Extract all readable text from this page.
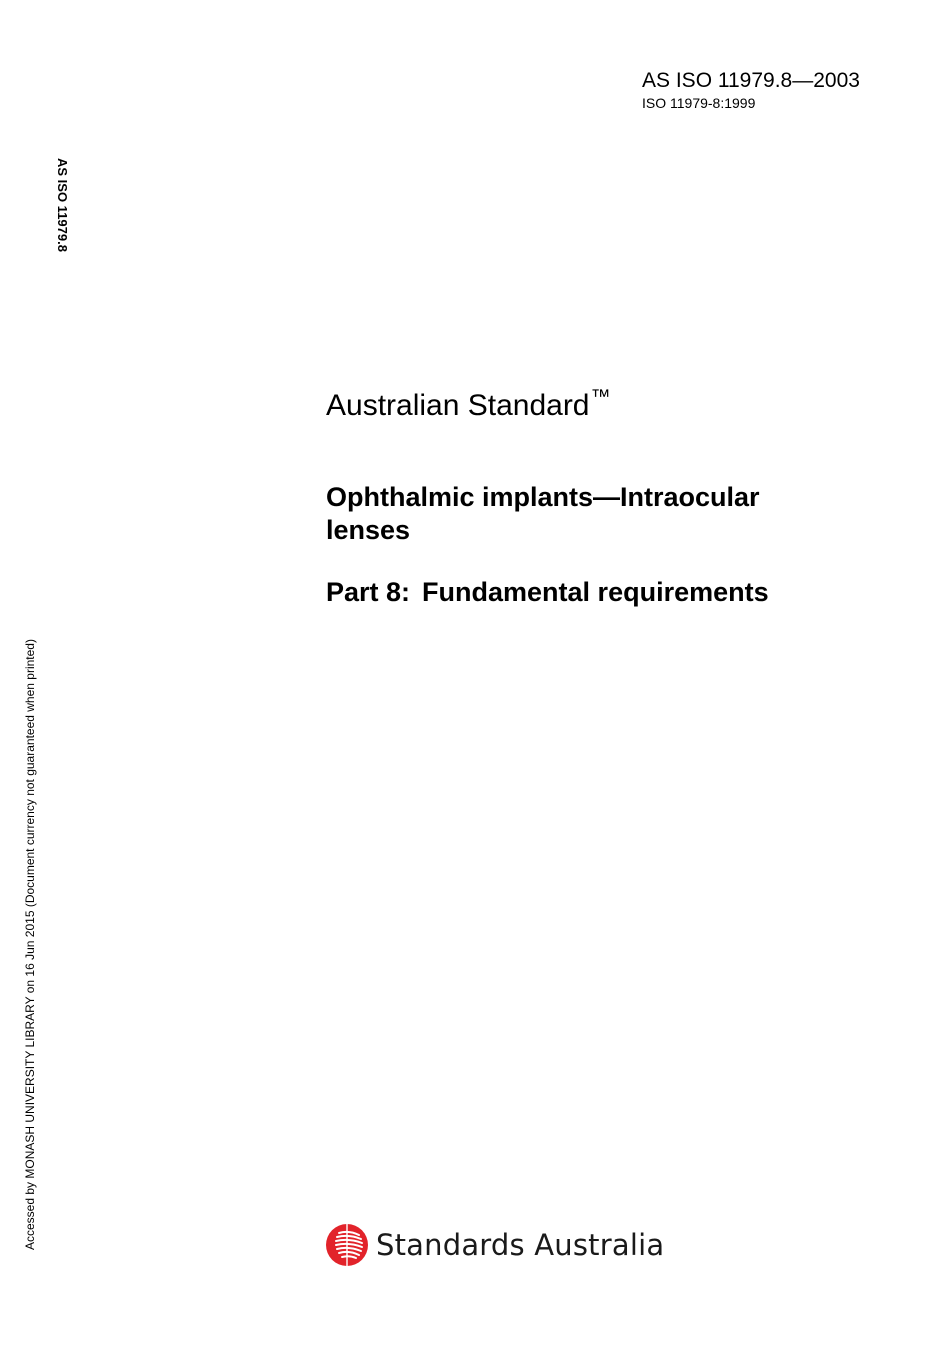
AS ISO 11979.8—2003
ISO 11979-8:1999
AS ISO 11979.8
Accessed by MONASH UNIVERSITY LIBRARY on 16 Jun 2015 (Document currency not guaranteed when printed)
Australian Standard™
Ophthalmic implants—Intraocular lenses
Part 8: Fundamental requirements
Standards Australia
